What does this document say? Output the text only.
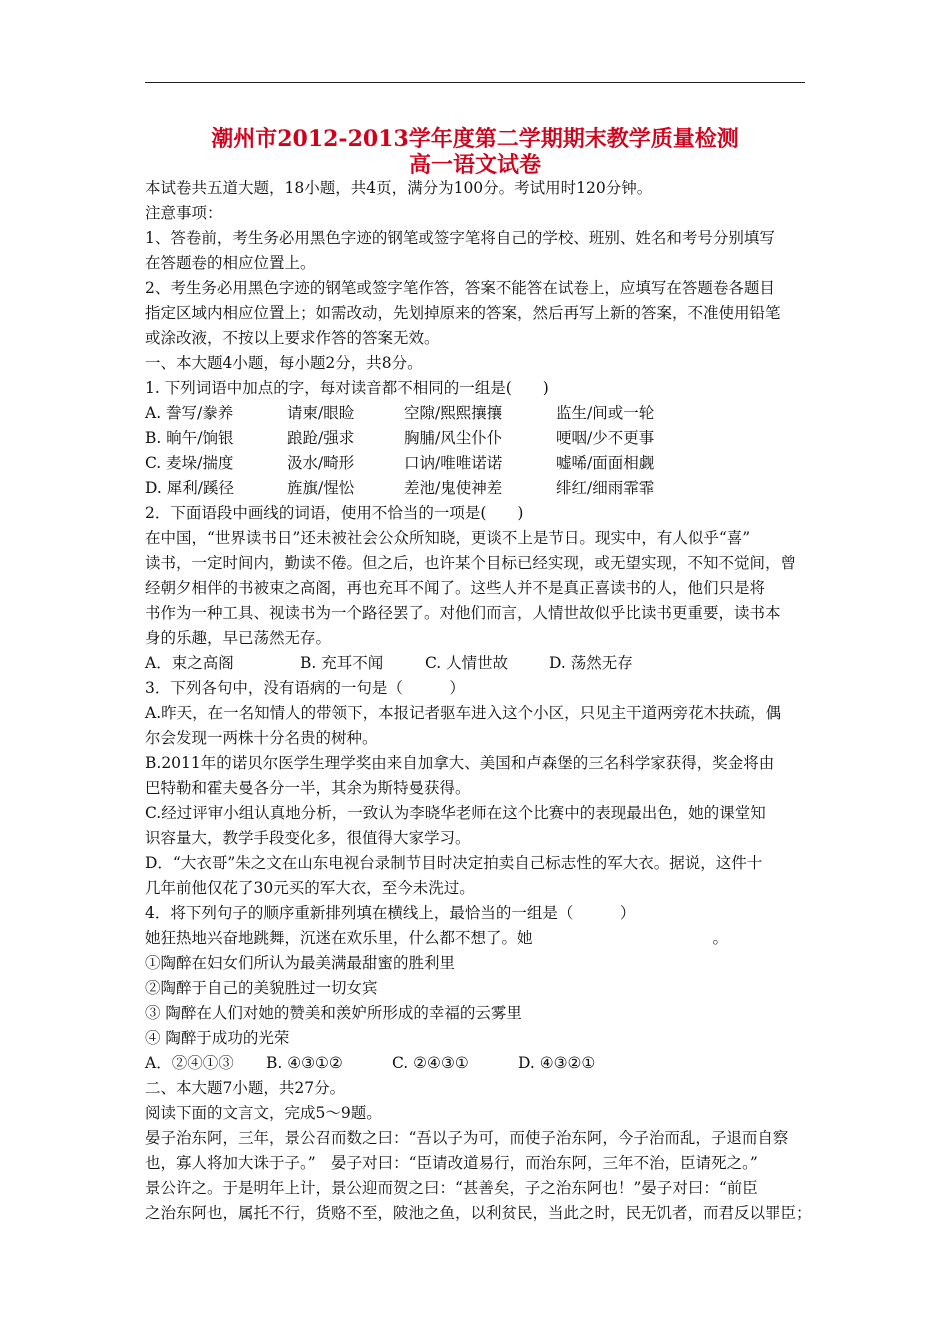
潮州市2012-2013学年度第二学期期末教学质量检测
高一语文试卷
本试卷共五道大题，18小题，共4页，满分为100分。考试用时120分钟。
注意事项：
1、答卷前，考生务必用黑色字迹的钢笔或签字笔将自己的学校、班别、姓名和考号分别填写
在答题卷的相应位置上。
2、考生务必用黑色字迹的钢笔或签字笔作答，答案不能答在试卷上，应填写在答题卷各题目
指定区域内相应位置上；如需改动，先划掉原来的答案，然后再写上新的答案，不准使用铅笔
或涂改液，不按以上要求作答的答案无效。
一、本大题4小题，每小题2分，共8分。
1. 下列词语中加点的字，每对读音都不相同的一组是(　　)
A. 誊写/豢养	请柬/眼睑	空隙/熙熙攘攘	监生/间或一轮
B. 晌午/饷银	踉跄/强求	胸脯/风尘仆仆	哽咽/少不更事
C. 麦垛/揣度	汲水/畸形	口讷/唯唯诺诺	嘘唏/面面相觑
D. 犀利/蹊径	旌旗/惺忪	差池/鬼使神差	绯红/细雨霏霏
2．下面语段中画线的词语，使用不恰当的一项是(　　)
在中国，“世界读书日”还未被社会公众所知晓，更谈不上是节日。现实中，有人似乎“喜”
读书，一定时间内，勤读不倦。但之后，也许某个目标已经实现，或无望实现，不知不觉间，曾
经朝夕相伴的书被束之高阁，再也充耳不闻了。这些人并不是真正喜读书的人，他们只是将
书作为一种工具、视读书为一个路径罢了。对他们而言，人情世故似乎比读书更重要，读书本
身的乐趣，早已荡然无存。
A．束之高阁	B. 充耳不闻	C. 人情世故	D. 荡然无存
3．下列各句中，没有语病的一句是（　　　）
A.昨天，在一名知情人的带领下，本报记者驱车进入这个小区，只见主干道两旁花木扶疏，偶
尔会发现一两株十分名贵的树种。
B.2011年的诺贝尔医学生理学奖由来自加拿大、美国和卢森堡的三名科学家获得，奖金将由
巴特勒和霍夫曼各分一半，其余为斯特曼获得。
C.经过评审小组认真地分析，一致认为李晓华老师在这个比赛中的表现最出色，她的课堂知
识容量大，教学手段变化多，很值得大家学习。
D．“大衣哥”朱之文在山东电视台录制节目时决定拍卖自己标志性的军大衣。据说，这件十
几年前他仅花了30元买的军大衣，至今未洗过。
4．将下列句子的顺序重新排列填在横线上，最恰当的一组是（　　　）
她狂热地兴奋地跳舞，沉迷在欢乐里，什么都不想了。她	。
①陶醉在妇女们所认为最美满最甜蜜的胜利里
②陶醉于自己的美貌胜过一切女宾
③ 陶醉在人们对她的赞美和羡妒所形成的幸福的云雾里
④ 陶醉于成功的光荣
A．②④①③ B. ④③①②	C. ②④③①	D. ④③②①
二、本大题7小题，共27分。
阅读下面的文言文，完成5～9题。
晏子治东阿，三年，景公召而数之曰：“吾以子为可，而使子治东阿，今子治而乱，子退而自察
也，寡人将加大诛于子。”　晏子对曰：“臣请改道易行，而治东阿，三年不治，臣请死之。”
景公许之。于是明年上计，景公迎而贺之曰：“甚善矣，子之治东阿也！”晏子对曰：“前臣
之治东阿也，属托不行，货赂不至，陂池之鱼，以利贫民，当此之时，民无饥者，而君反以罪臣；
